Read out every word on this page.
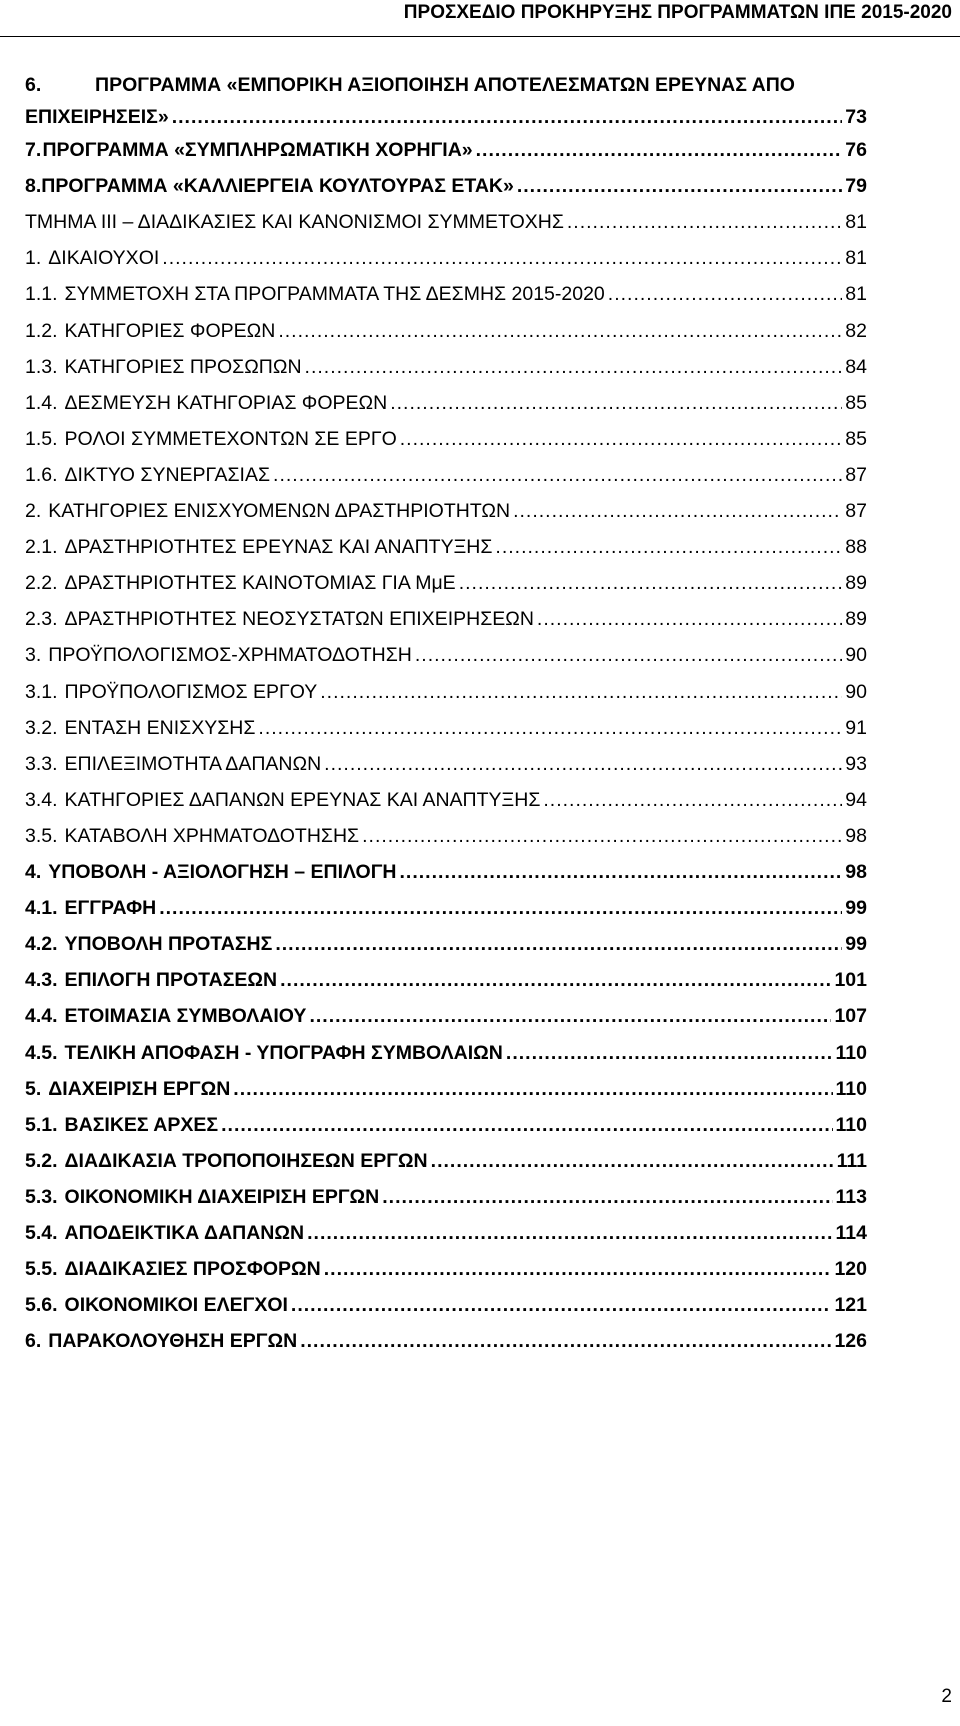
ΠΡΟΣΧΕΔΙΟ ΠΡΟΚΗΡΥΞΗΣ ΠΡΟΓΡΑΜΜΑΤΩΝ ΙΠΕ 2015-2020
6.	ΠΡΟΓΡΑΜΜΑ «ΕΜΠΟΡΙΚΗ ΑΞΙΟΠΟΙΗΣΗ ΑΠΟΤΕΛΕΣΜΑΤΩΝ ΕΡΕΥΝΑΣ ΑΠΟ
ΕΠΙΧΕΙΡΗΣΕΙΣ» .....	73
7. ΠΡΟΓΡΑΜΜΑ «ΣΥΜΠΛΗΡΩΜΑΤΙΚΗ ΧΟΡΗΓΙΑ» .....	76
8. ΠΡΟΓΡΑΜΜΑ «ΚΑΛΛΙΕΡΓΕΙΑ ΚΟΥΛΤΟΥΡΑΣ ΕΤΑΚ» .....	79
ΤΜΗΜΑ ΙΙΙ – ΔΙΑΔΙΚΑΣΙΕΣ ΚΑΙ ΚΑΝΟΝΙΣΜΟΙ ΣΥΜΜΕΤΟΧΗΣ .....	81
1. ΔΙΚΑΙΟΥΧΟΙ .....	81
1.1. ΣΥΜΜΕΤΟΧΗ ΣΤΑ ΠΡΟΓΡΑΜΜΑΤΑ ΤΗΣ ΔΕΣΜΗΣ 2015-2020 .....	81
1.2. ΚΑΤΗΓΟΡΙΕΣ ΦΟΡΕΩΝ .....	82
1.3. ΚΑΤΗΓΟΡΙΕΣ ΠΡΟΣΩΠΩΝ .....	84
1.4. ΔΕΣΜΕΥΣΗ ΚΑΤΗΓΟΡΙΑΣ ΦΟΡΕΩΝ .....	85
1.5. ΡΟΛΟΙ ΣΥΜΜΕΤΕΧΟΝΤΩΝ ΣΕ ΕΡΓΟ .....	85
1.6. ΔΙΚΤΥΟ ΣΥΝΕΡΓΑΣΙΑΣ .....	87
2. ΚΑΤΗΓΟΡΙΕΣ ΕΝΙΣΧΥΟΜΕΝΩΝ ΔΡΑΣΤΗΡΙΟΤΗΤΩΝ .....	87
2.1. ΔΡΑΣΤΗΡΙΟΤΗΤΕΣ ΕΡΕΥΝΑΣ ΚΑΙ ΑΝΑΠΤΥΞΗΣ .....	88
2.2. ΔΡΑΣΤΗΡΙΟΤΗΤΕΣ ΚΑΙΝΟΤΟΜΙΑΣ ΓΙΑ ΜμΕ .....	89
2.3. ΔΡΑΣΤΗΡΙΟΤΗΤΕΣ ΝΕΟΣΥΣΤΑΤΩΝ ΕΠΙΧΕΙΡΗΣΕΩΝ .....	89
3. ΠΡΟΫΠΟΛΟΓΙΣΜΟΣ-ΧΡΗΜΑΤΟΔΟΤΗΣΗ .....	90
3.1. ΠΡΟΫΠΟΛΟΓΙΣΜΟΣ ΕΡΓΟΥ .....	90
3.2. ΕΝΤΑΣΗ ΕΝΙΣΧΥΣΗΣ .....	91
3.3. ΕΠΙΛΕΞΙΜΟΤΗΤΑ ΔΑΠΑΝΩΝ .....	93
3.4. ΚΑΤΗΓΟΡΙΕΣ ΔΑΠΑΝΩΝ ΕΡΕΥΝΑΣ ΚΑΙ ΑΝΑΠΤΥΞΗΣ .....	94
3.5. ΚΑΤΑΒΟΛΗ ΧΡΗΜΑΤΟΔΟΤΗΣΗΣ .....	98
4. ΥΠΟΒΟΛΗ - ΑΞΙΟΛΟΓΗΣΗ – ΕΠΙΛΟΓΗ .....	98
4.1. ΕΓΓΡΑΦΗ .....	99
4.2. ΥΠΟΒΟΛΗ ΠΡΟΤΑΣΗΣ .....	99
4.3. ΕΠΙΛΟΓΗ ΠΡΟΤΑΣΕΩΝ .....	101
4.4. ΕΤΟΙΜΑΣΙΑ ΣΥΜΒΟΛΑΙΟΥ .....	107
4.5. ΤΕΛΙΚΗ ΑΠΟΦΑΣΗ - ΥΠΟΓΡΑΦΗ ΣΥΜΒΟΛΑΙΩΝ .....	110
5. ΔΙΑΧΕΙΡΙΣΗ ΕΡΓΩΝ .....	110
5.1. ΒΑΣΙΚΕΣ ΑΡΧΕΣ .....	110
5.2. ΔΙΑΔΙΚΑΣΙΑ ΤΡΟΠΟΠΟΙΗΣΕΩΝ ΕΡΓΩΝ .....	111
5.3. ΟΙΚΟΝΟΜΙΚΗ ΔΙΑΧΕΙΡΙΣΗ ΕΡΓΩΝ .....	113
5.4. ΑΠΟΔΕΙΚΤΙΚΑ ΔΑΠΑΝΩΝ .....	114
5.5. ΔΙΑΔΙΚΑΣΙΕΣ ΠΡΟΣΦΟΡΩΝ .....	120
5.6. ΟΙΚΟΝΟΜΙΚΟΙ ΕΛΕΓΧΟΙ .....	121
6. ΠΑΡΑΚΟΛΟΥΘΗΣΗ ΕΡΓΩΝ .....	126
2
